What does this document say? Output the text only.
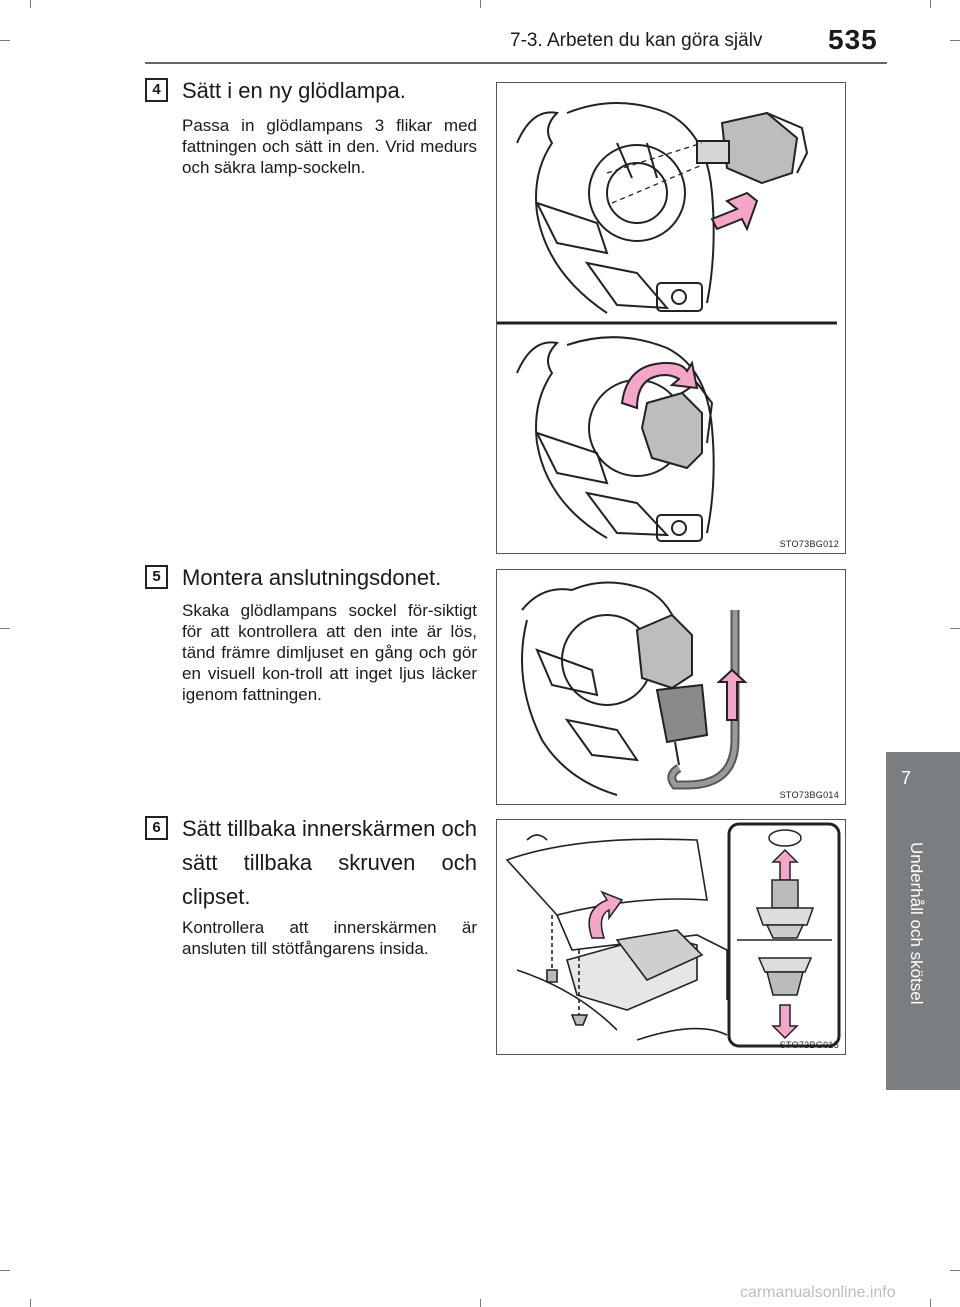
7-3. Arbeten du kan göra själv 535
7
Underhåll och skötsel
4 Sätt i en ny glödlampa.
Passa in glödlampans 3 flikar med fattningen och sätt in den. Vrid medurs och säkra lamp-sockeln.
STO73BG012
5 Montera anslutningsdonet.
Skaka glödlampans sockel för-siktigt för att kontrollera att den inte är lös, tänd främre dimljuset en gång och gör en visuell kon-troll att inget ljus läcker igenom fattningen.
STO73BG014
6 Sätt tillbaka innerskärmen och sätt tillbaka skruven och clipset.
Kontrollera att innerskärmen är ansluten till stötfångarens insida.
STO73BG015
carmanualsonline.info
